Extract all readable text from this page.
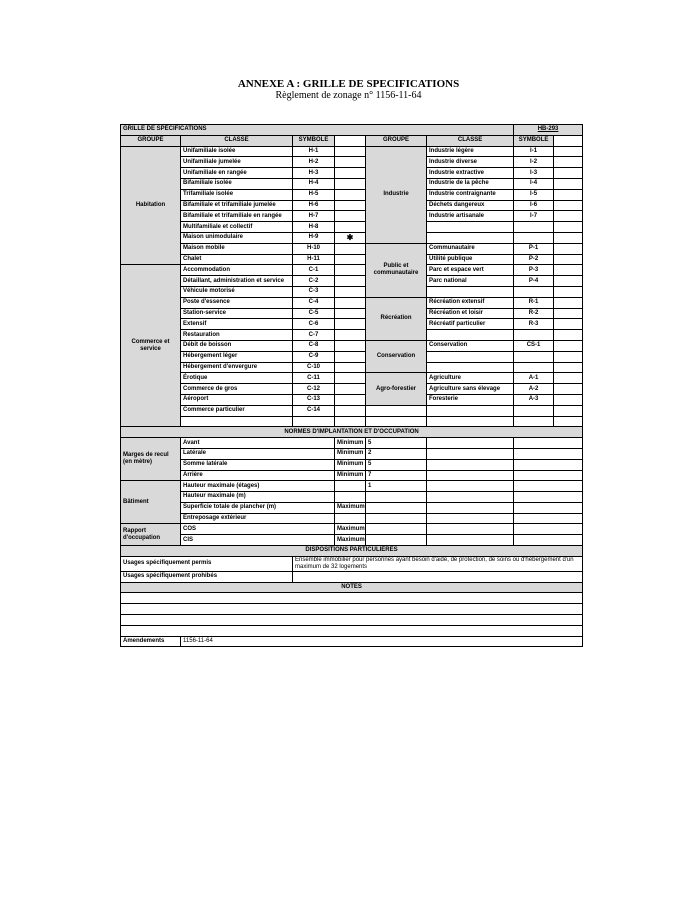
ANNEXE A : GRILLE DE SPECIFICATIONS
Règlement de zonage n° 1156-11-64
GRILLE DE SPÉCIFICATIONS						HB-293	
GROUPE	CLASSE	SYMBOLE		GROUPE	CLASSE	SYMBOLE	
Habitation	Unifamiliale isolée	H-1		Industrie	Industrie légère	I-1	
	Unifamiliale jumelée	H-2			Industrie diverse	I-2	
	Unifamiliale en rangée	H-3			Industrie extractive	I-3	
	Bifamiliale isolée	H-4			Industrie de la pêche	I-4	
	Trifamiliale isolée	H-5			Industrie contraignante	I-5	
	Bifamiliale et trifamiliale jumelée	H-6			Déchets dangereux	I-6	
	Bifamiliale et trifamiliale en rangée	H-7			Industrie artisanale	I-7	
	Multifamiliale et collectif	H-8					
	Maison unimodulaire	H-9	✱				
	Maison mobile	H-10		Public et communautaire	Communautaire	P-1	
	Chalet	H-11			Utilité publique	P-2	
Commerce et service	Accommodation	C-1			Parc et espace vert	P-3	
	Détaillant, administration et service	C-2			Parc national	P-4	
	Véhicule motorisé	C-3					
	Poste d'essence	C-4		Récréation	Récréation extensif	R-1	
	Station-service	C-5			Récréation et loisir	R-2	
	Extensif	C-6			Récréatif particulier	R-3	
	Restauration	C-7					
	Débit de boisson	C-8		Conservation	Conservation	CS-1	
	Hébergement léger	C-9					
	Hébergement d'envergure	C-10					
	Érotique	C-11		Agro-forestier	Agriculture	A-1	
	Commerce de gros	C-12			Agriculture sans élevage	A-2	
	Aéroport	C-13			Foresterie	A-3	
	Commerce particulier	C-14					

NORMES D'IMPLANTATION ET D'OCCUPATION							
Marges de recul (en mètre)	Avant		Minimum	5			
	Latérale		Minimum	2			
	Somme latérale		Minimum	5			
	Arrière		Minimum	7			
Bâtiment	Hauteur maximale (étages)			1			
	Hauteur maximale (m)						
	Superficie totale de plancher (m)		Maximum				
	Entreposage extérieur						
Rapport d'occupation	COS		Maximum				
	CIS		Maximum				
DISPOSITIONS PARTICULIÈRES							
Usages spécifiquement permis		Ensemble immobilier pour personnes ayant besoin d'aide, de protection, de soins ou d'hébergement d'un maximum de 32 logements					
Usages spécifiquement prohibés							
NOTES							

Amendements	1156-11-64						
